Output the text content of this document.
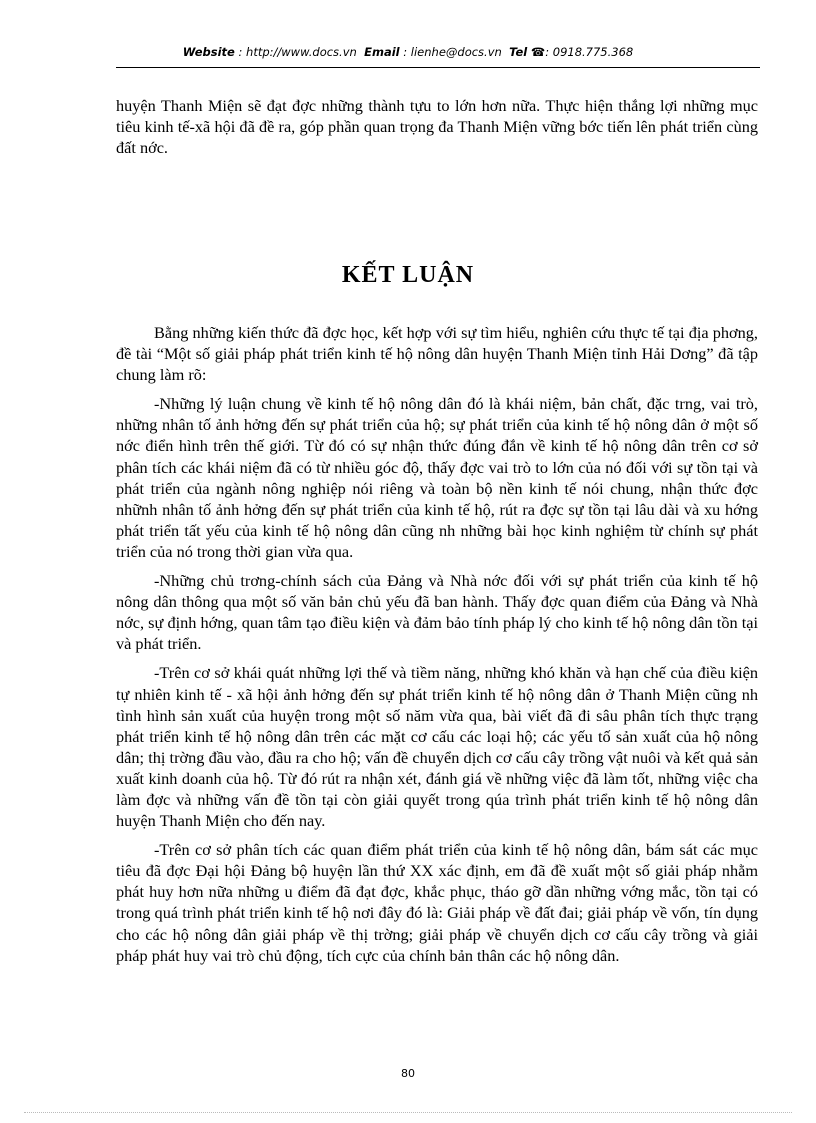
Website : http://www.docs.vn Email : lienhe@docs.vn Tel ☎: 0918.775.368

huyện Thanh Miện sẽ đạt đợc những thành tựu to lớn hơn nữa. Thực hiện thắng lợi những mục tiêu kinh tế-xã hội đã đề ra, góp phần quan trọng đa Thanh Miện vững bớc tiến lên phát triển cùng đất nớc.

KẾT LUẬN

Bằng những kiến thức đã đợc học, kết hợp với sự tìm hiểu, nghiên cứu thực tế tại địa phơng, đề tài “Một số giải pháp phát triển kinh tế hộ nông dân huyện Thanh Miện tỉnh Hải Dơng” đã tập chung làm rõ:

-Những lý luận chung về kinh tế hộ nông dân đó là khái niệm, bản chất, đặc trng, vai trò, những nhân tố ảnh hởng đến sự phát triển của hộ; sự phát triển của kinh tế hộ nông dân ở một số nớc điển hình trên thế giới. Từ đó có sự nhận thức đúng đắn về kinh tế hộ nông dân trên cơ sở phân tích các khái niệm đã có từ nhiều góc độ, thấy đợc vai trò to lớn của nó đối với sự tồn tại và phát triển của ngành nông nghiệp nói riêng và toàn bộ nền kinh tế nói chung, nhận thức đợc nhữnh nhân tố ảnh hởng đến sự phát triển của kinh tế hộ, rút ra đợc sự tồn tại lâu dài và xu hớng phát triển tất yếu của kinh tế hộ nông dân cũng nh những bài học kinh nghiệm từ chính sự phát triển của nó trong thời gian vừa qua.

-Những chủ trơng-chính sách của Đảng và Nhà nớc đối với sự phát triển của kinh tế hộ nông dân thông qua một số văn bản chủ yếu đã ban hành. Thấy đợc quan điểm của Đảng và Nhà nớc, sự định hớng, quan tâm tạo điều kiện và đảm bảo tính pháp lý cho kinh tế hộ nông dân tồn tại và phát triển.

-Trên cơ sở khái quát những lợi thế và tiềm năng, những khó khăn và hạn chế của điều kiện tự nhiên kinh tế - xã hội ảnh hởng đến sự phát triển kinh tế hộ nông dân ở Thanh Miện cũng nh tình hình sản xuất của huyện trong một số năm vừa qua, bài viết đã đi sâu phân tích thực trạng phát triển kinh tế hộ nông dân trên các mặt cơ cấu các loại hộ; các yếu tố sản xuất của hộ nông dân; thị trờng đầu vào, đầu ra cho hộ; vấn đề chuyển dịch cơ cấu cây trồng vật nuôi và kết quả sản xuất kinh doanh của hộ. Từ đó rút ra nhận xét, đánh giá về những việc đã làm tốt, những việc cha làm đợc và những vấn đề tồn tại còn giải quyết trong qúa trình phát triển kinh tế hộ nông dân huyện Thanh Miện cho đến nay.

-Trên cơ sở phân tích các quan điểm phát triển của kinh tế hộ nông dân, bám sát các mục tiêu đã đợc Đại hội Đảng bộ huyện lần thứ XX xác định, em đã đề xuất một số giải pháp nhằm phát huy hơn nữa những u điểm đã đạt đợc, khắc phục, tháo gỡ dần những vớng mắc, tồn tại có trong quá trình phát triển kinh tế hộ nơi đây đó là: Giải pháp về đất đai; giải pháp về vốn, tín dụng cho các hộ nông dân giải pháp về thị trờng; giải pháp về chuyển dịch cơ cấu cây trồng và giải pháp phát huy vai trò chủ động, tích cực của chính bản thân các hộ nông dân.

80
